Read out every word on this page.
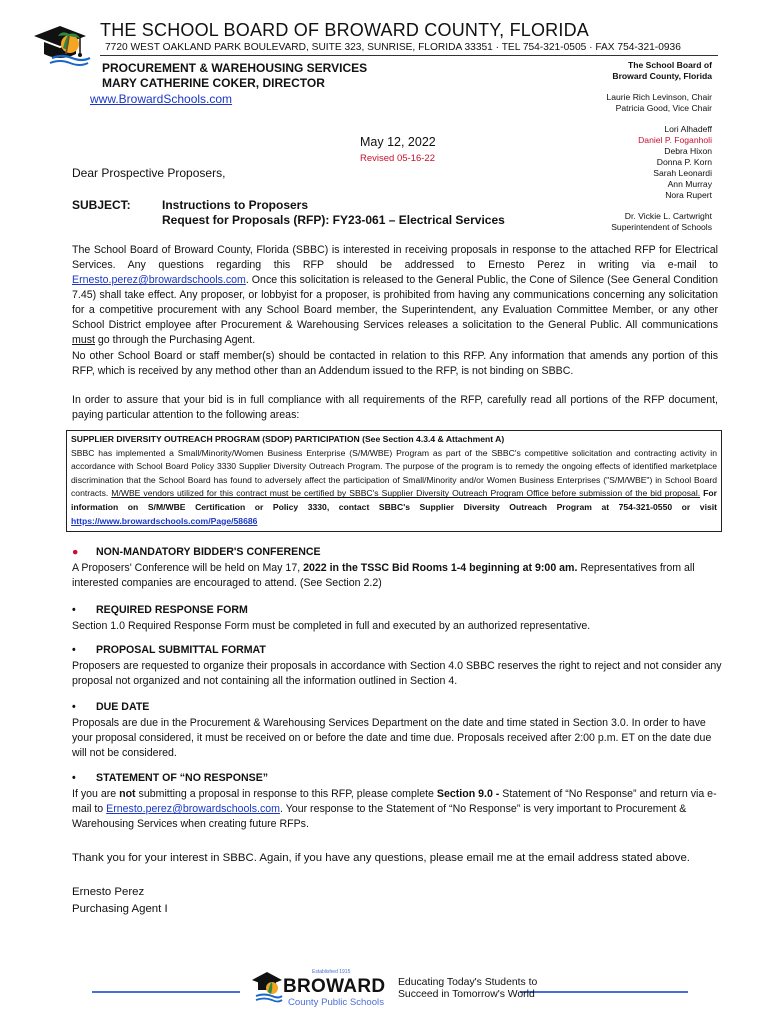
THE SCHOOL BOARD OF BROWARD COUNTY, FLORIDA
7720 WEST OAKLAND PARK BOULEVARD, SUITE 323, SUNRISE, FLORIDA 33351 · TEL 754-321-0505 · FAX 754-321-0936
PROCUREMENT & WAREHOUSING SERVICES
MARY CATHERINE COKER, DIRECTOR
www.BrowardSchools.com
The School Board of
Broward County, Florida
Laurie Rich Levinson, Chair
Patricia Good, Vice Chair
Lori Alhadeff
Daniel P. Foganholi
Debra Hixon
Donna P. Korn
Sarah Leonardi
Ann Murray
Nora Rupert
Dr. Vickie L. Cartwright
Superintendent of Schools
May 12, 2022
Revised 05-16-22
Dear Prospective Proposers,
SUBJECT:	Instructions to Proposers
Request for Proposals (RFP): FY23-061 – Electrical Services
The School Board of Broward County, Florida (SBBC) is interested in receiving proposals in response to the attached RFP for Electrical Services. Any questions regarding this RFP should be addressed to Ernesto Perez in writing via e-mail to Ernesto.perez@browardschools.com. Once this solicitation is released to the General Public, the Cone of Silence (See General Condition 7.45) shall take effect. Any proposer, or lobbyist for a proposer, is prohibited from having any communications concerning any solicitation for a competitive procurement with any School Board member, the Superintendent, any Evaluation Committee Member, or any other School District employee after Procurement & Warehousing Services releases a solicitation to the General Public. All communications must go through the Purchasing Agent.
No other School Board or staff member(s) should be contacted in relation to this RFP. Any information that amends any portion of this RFP, which is received by any method other than an Addendum issued to the RFP, is not binding on SBBC.
In order to assure that your bid is in full compliance with all requirements of the RFP, carefully read all portions of the RFP document, paying particular attention to the following areas:
SUPPLIER DIVERSITY OUTREACH PROGRAM (SDOP) PARTICIPATION (See Section 4.3.4 & Attachment A)
SBBC has implemented a Small/Minority/Women Business Enterprise (S/M/WBE) Program as part of the SBBC's competitive solicitation and contracting activity in accordance with School Board Policy 3330 Supplier Diversity Outreach Program. The purpose of the program is to remedy the ongoing effects of identified marketplace discrimination that the School Board has found to adversely affect the participation of Small/Minority and/or Women Business Enterprises ("S/M/WBE") in School Board contracts. M/WBE vendors utilized for this contract must be certified by SBBC's Supplier Diversity Outreach Program Office before submission of the bid proposal. For information on S/M/WBE Certification or Policy 3330, contact SBBC's Supplier Diversity Outreach Program at 754-321-0550 or visit https://www.browardschools.com/Page/58686
● NON-MANDATORY BIDDER'S CONFERENCE
A Proposers' Conference will be held on May 17, 2022 in the TSSC Bid Rooms 1-4 beginning at 9:00 am. Representatives from all interested companies are encouraged to attend. (See Section 2.2)
• REQUIRED RESPONSE FORM
Section 1.0 Required Response Form must be completed in full and executed by an authorized representative.
• PROPOSAL SUBMITTAL FORMAT
Proposers are requested to organize their proposals in accordance with Section 4.0 SBBC reserves the right to reject and not consider any proposal not organized and not containing all the information outlined in Section 4.
• DUE DATE
Proposals are due in the Procurement & Warehousing Services Department on the date and time stated in Section 3.0. In order to have your proposal considered, it must be received on or before the date and time due. Proposals received after 2:00 p.m. ET on the date due will not be considered.
• STATEMENT OF “NO RESPONSE”
If you are not submitting a proposal in response to this RFP, please complete Section 9.0 - Statement of “No Response” and return via e-mail to Ernesto.perez@browardschools.com. Your response to the Statement of “No Response” is very important to Procurement & Warehousing Services when creating future RFPs.
Thank you for your interest in SBBC. Again, if you have any questions, please email me at the email address stated above.
Ernesto Perez
Purchasing Agent I
Established 1915
BROWARD
County Public Schools
Educating Today's Students to
Succeed in Tomorrow's World
